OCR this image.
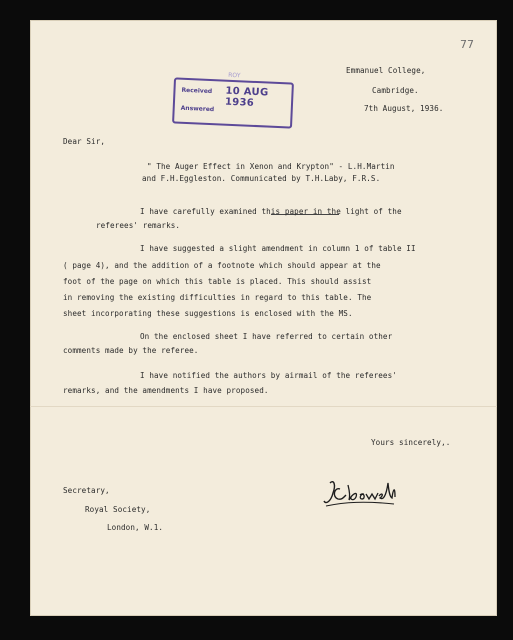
77
ROY
Received 10 AUG 1936
Answered
Emmanuel College,
Cambridge.
7th August, 1936.
Dear Sir,
" The Auger Effect in Xenon and Krypton" - L.H.Martin
and F.H.Eggleston. Communicated by T.H.Laby, F.R.S.
I have carefully examined this paper in the light of the
referees' remarks.
I have suggested a slight amendment in column 1 of table II
( page 4), and the addition of a footnote which should appear at the
foot of the page on which this table is placed. This should assist
in removing the existing difficulties in regard to this table. The
sheet incorporating these suggestions is enclosed with the MS.
On the enclosed sheet I have referred to certain other
comments made by the referee.
I have notified the authors by airmail of the referees'
remarks, and the amendments I have proposed.
Yours sincerely,.
J.C. Bowe
Secretary,
Royal Society,
London, W.1.
